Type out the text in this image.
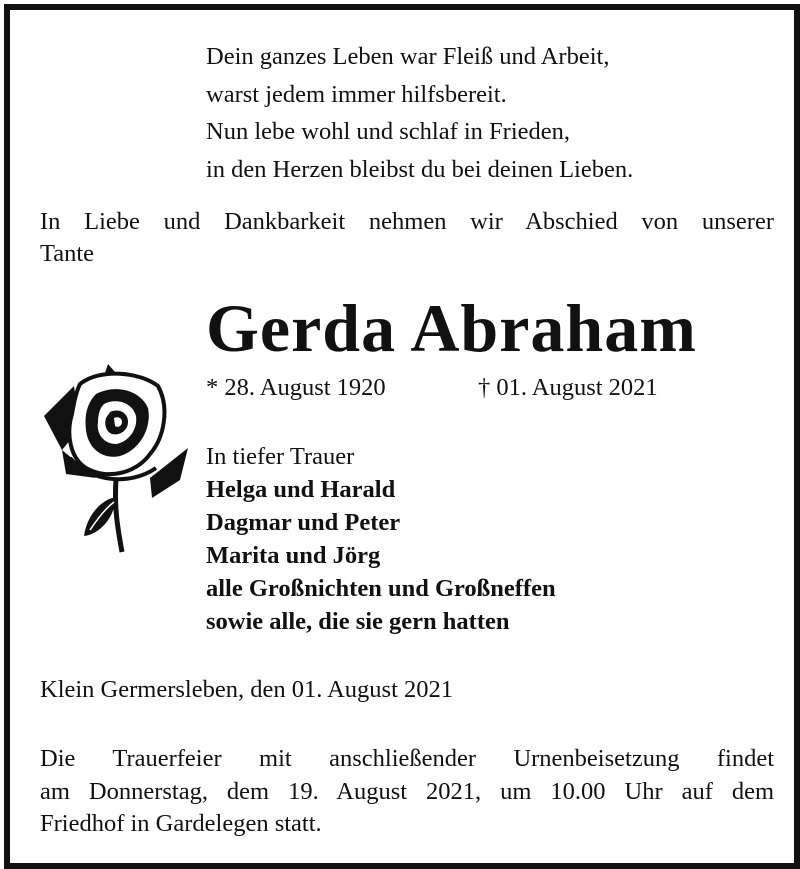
Dein ganzes Leben war Fleiß und Arbeit,
warst jedem immer hilfsbereit.
Nun lebe wohl und schlaf in Frieden,
in den Herzen bleibst du bei deinen Lieben.
In Liebe und Dankbarkeit nehmen wir Abschied von unserer
Tante
Gerda Abraham
* 28. August 1920	† 01. August 2021
In tiefer Trauer
Helga und Harald
Dagmar und Peter
Marita und Jörg
alle Großnichten und Großneffen
sowie alle, die sie gern hatten
Klein Germersleben, den 01. August 2021
Die Trauerfeier mit anschließender Urnenbeisetzung findet
am Donnerstag, dem 19. August 2021, um 10.00 Uhr auf dem
Friedhof in Gardelegen statt.
